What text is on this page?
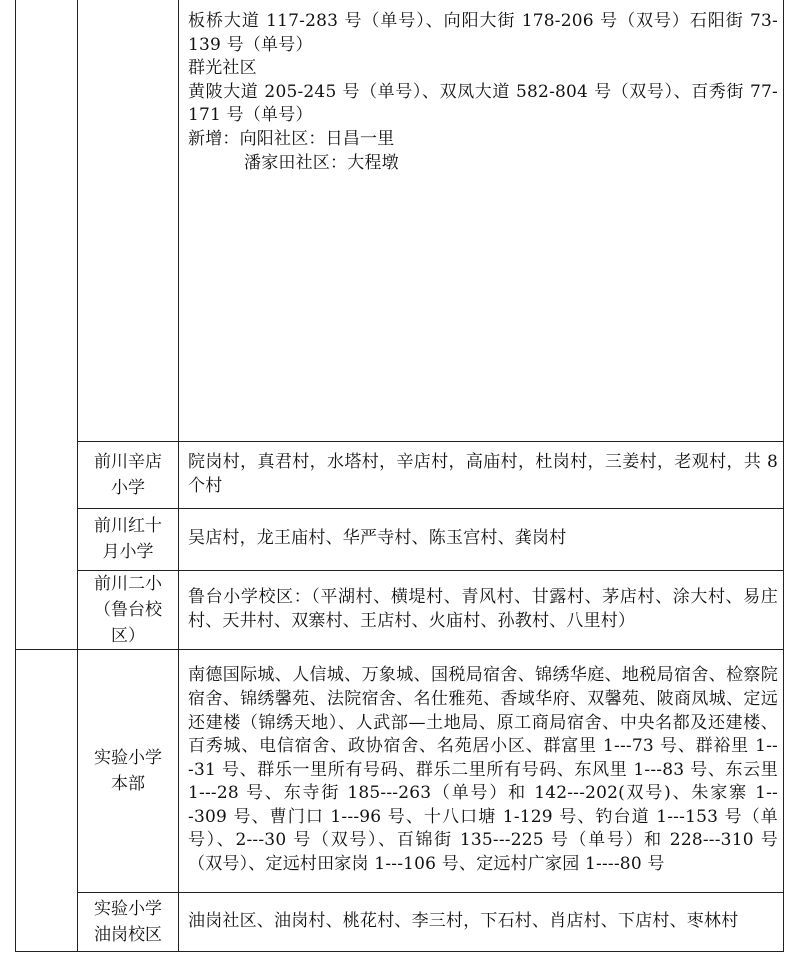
		板桥大道 117-283 号（单号）、向阳大街 178-206 号（双号）石阳街 73-139 号（单号）
群光社区
黄陂大道 205-245 号（单号）、双凤大道 582-804 号（双号）、百秀街 77-171 号（单号）
新增：向阳社区：日昌一里
潘家田社区：大程墩

	前川辛店小学	院岗村，真君村，水塔村，辛店村，高庙村，杜岗村，三姜村，老观村，共 8 个村
	前川红十月小学	吴店村，龙王庙村、华严寺村、陈玉宫村、龚岗村
	前川二小（鲁台校区）	鲁台小学校区：（平湖村、横堤村、青风村、甘露村、茅店村、涂大村、易庄村、天井村、双寨村、王店村、火庙村、孙教村、八里村）
	实验小学本部	南德国际城、人信城、万象城、国税局宿舍、锦绣华庭、地税局宿舍、检察院宿舍、锦绣馨苑、法院宿舍、名仕雅苑、香域华府、双馨苑、陂商凤城、定远还建楼（锦绣天地）、人武部—土地局、原工商局宿舍、中央名都及还建楼、百秀城、电信宿舍、政协宿舍、名苑居小区、群富里 1---73 号、群裕里 1---31 号、群乐一里所有号码、群乐二里所有号码、东风里 1---83 号、东云里 1---28 号、东寺街 185---263（单号）和 142---202(双号)、朱家寨 1---309 号、曹门口 1---96 号、十八口塘 1-129 号、钓台道 1---153 号（单号）、2---30 号（双号）、百锦街 135---225 号（单号）和 228---310 号（双号）、定远村田家岗 1---106 号、定远村广家园 1----80 号
	实验小学油岗校区	油岗社区、油岗村、桃花村、李三村，下石村、肖店村、下店村、枣林村
